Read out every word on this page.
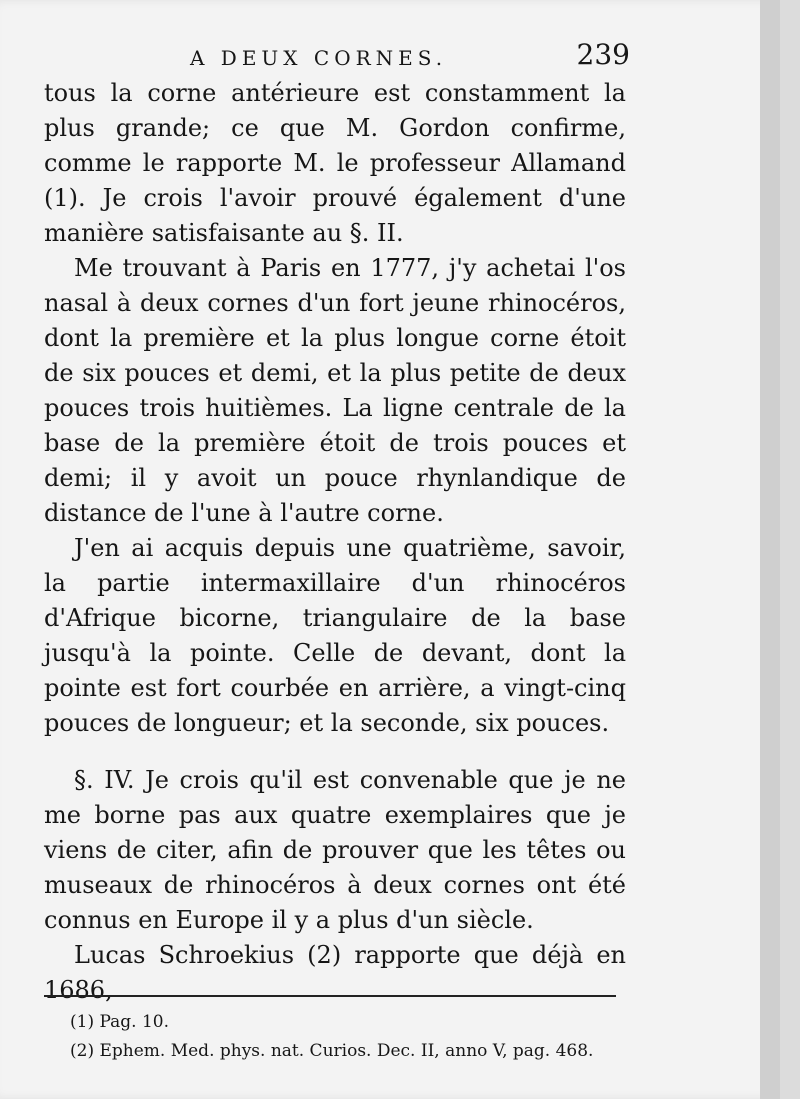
A DEUX CORNES.	239

tous la corne antérieure est constamment la plus grande; ce que M. Gordon confirme, comme le rapporte M. le professeur Allamand (1). Je crois l'avoir prouvé également d'une manière satisfaisante au §. II.

Me trouvant à Paris en 1777, j'y achetai l'os nasal à deux cornes d'un fort jeune rhinocéros, dont la première et la plus longue corne étoit de six pouces et demi, et la plus petite de deux pouces trois huitièmes. La ligne centrale de la base de la première étoit de trois pouces et demi; il y avoit un pouce rhynlandique de distance de l'une à l'autre corne.

J'en ai acquis depuis une quatrième, savoir, la partie intermaxillaire d'un rhinocéros d'Afrique bicorne, triangulaire de la base jusqu'à la pointe. Celle de devant, dont la pointe est fort courbée en arrière, a vingt-cinq pouces de longueur; et la seconde, six pouces.

§. IV. Je crois qu'il est convenable que je ne me borne pas aux quatre exemplaires que je viens de citer, afin de prouver que les têtes ou museaux de rhinocéros à deux cornes ont été connus en Europe il y a plus d'un siècle.

Lucas Schroekius (2) rapporte que déjà en 1686,

(1) Pag. 10.
(2) Ephem. Med. phys. nat. Curios. Dec. II, anno V, pag. 468.
